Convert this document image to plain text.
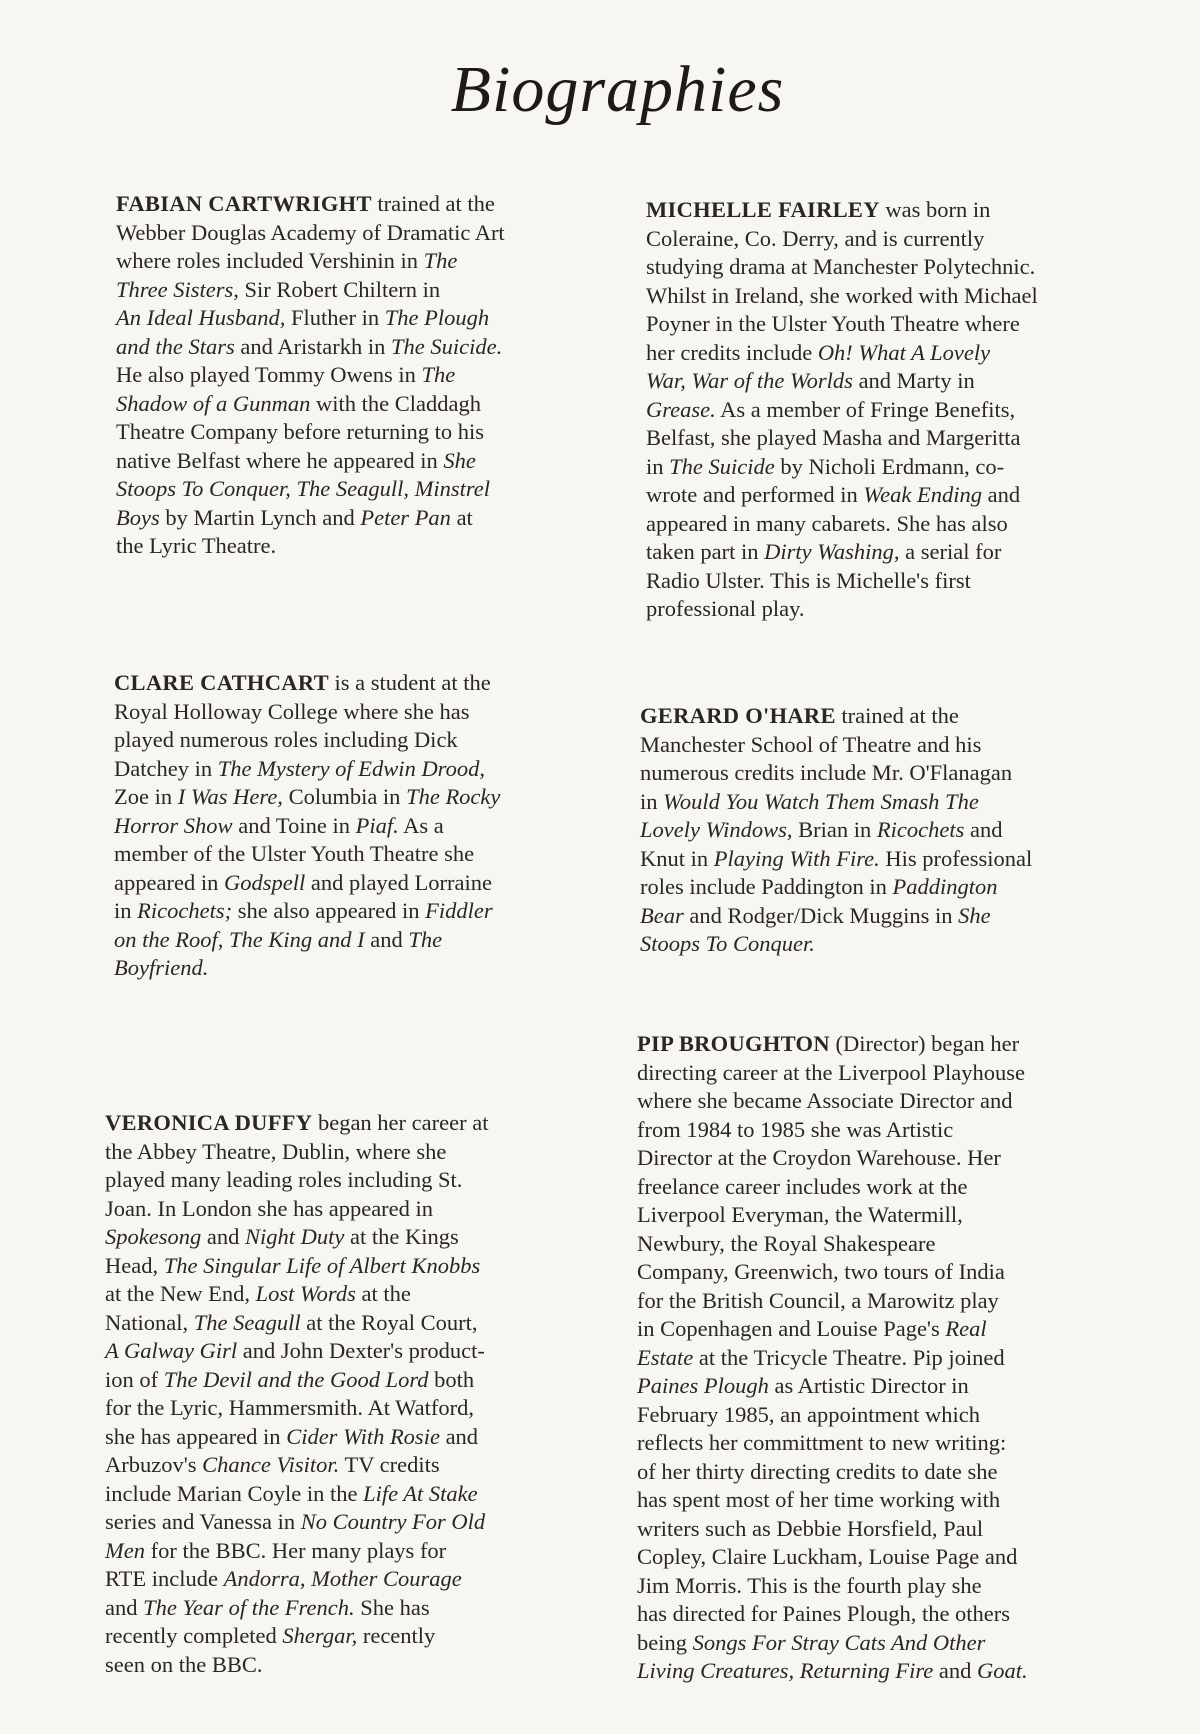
Biographies
FABIAN CARTWRIGHT trained at the
Webber Douglas Academy of Dramatic Art
where roles included Vershinin in The
Three Sisters, Sir Robert Chiltern in
An Ideal Husband, Fluther in The Plough
and the Stars and Aristarkh in The Suicide.
He also played Tommy Owens in The
Shadow of a Gunman with the Claddagh
Theatre Company before returning to his
native Belfast where he appeared in She
Stoops To Conquer, The Seagull, Minstrel
Boys by Martin Lynch and Peter Pan at
the Lyric Theatre.
MICHELLE FAIRLEY was born in
Coleraine, Co. Derry, and is currently
studying drama at Manchester Polytechnic.
Whilst in Ireland, she worked with Michael
Poyner in the Ulster Youth Theatre where
her credits include Oh! What A Lovely
War, War of the Worlds and Marty in
Grease. As a member of Fringe Benefits,
Belfast, she played Masha and Margeritta
in The Suicide by Nicholi Erdmann, co-
wrote and performed in Weak Ending and
appeared in many cabarets. She has also
taken part in Dirty Washing, a serial for
Radio Ulster. This is Michelle's first
professional play.
CLARE CATHCART is a student at the
Royal Holloway College where she has
played numerous roles including Dick
Datchey in The Mystery of Edwin Drood,
Zoe in I Was Here, Columbia in The Rocky
Horror Show and Toine in Piaf. As a
member of the Ulster Youth Theatre she
appeared in Godspell and played Lorraine
in Ricochets; she also appeared in Fiddler
on the Roof, The King and I and The
Boyfriend.
GERARD O'HARE trained at the
Manchester School of Theatre and his
numerous credits include Mr. O'Flanagan
in Would You Watch Them Smash The
Lovely Windows, Brian in Ricochets and
Knut in Playing With Fire. His professional
roles include Paddington in Paddington
Bear and Rodger/Dick Muggins in She
Stoops To Conquer.
PIP BROUGHTON (Director) began her
directing career at the Liverpool Playhouse
where she became Associate Director and
from 1984 to 1985 she was Artistic
Director at the Croydon Warehouse. Her
freelance career includes work at the
Liverpool Everyman, the Watermill,
Newbury, the Royal Shakespeare
Company, Greenwich, two tours of India
for the British Council, a Marowitz play
in Copenhagen and Louise Page's Real
Estate at the Tricycle Theatre. Pip joined
Paines Plough as Artistic Director in
February 1985, an appointment which
reflects her committment to new writing:
of her thirty directing credits to date she
has spent most of her time working with
writers such as Debbie Horsfield, Paul
Copley, Claire Luckham, Louise Page and
Jim Morris. This is the fourth play she
has directed for Paines Plough, the others
being Songs For Stray Cats And Other
Living Creatures, Returning Fire and Goat.
VERONICA DUFFY began her career at
the Abbey Theatre, Dublin, where she
played many leading roles including St.
Joan. In London she has appeared in
Spokesong and Night Duty at the Kings
Head, The Singular Life of Albert Knobbs
at the New End, Lost Words at the
National, The Seagull at the Royal Court,
A Galway Girl and John Dexter's product-
ion of The Devil and the Good Lord both
for the Lyric, Hammersmith. At Watford,
she has appeared in Cider With Rosie and
Arbuzov's Chance Visitor. TV credits
include Marian Coyle in the Life At Stake
series and Vanessa in No Country For Old
Men for the BBC. Her many plays for
RTE include Andorra, Mother Courage
and The Year of the French. She has
recently completed Shergar, recently
seen on the BBC.
